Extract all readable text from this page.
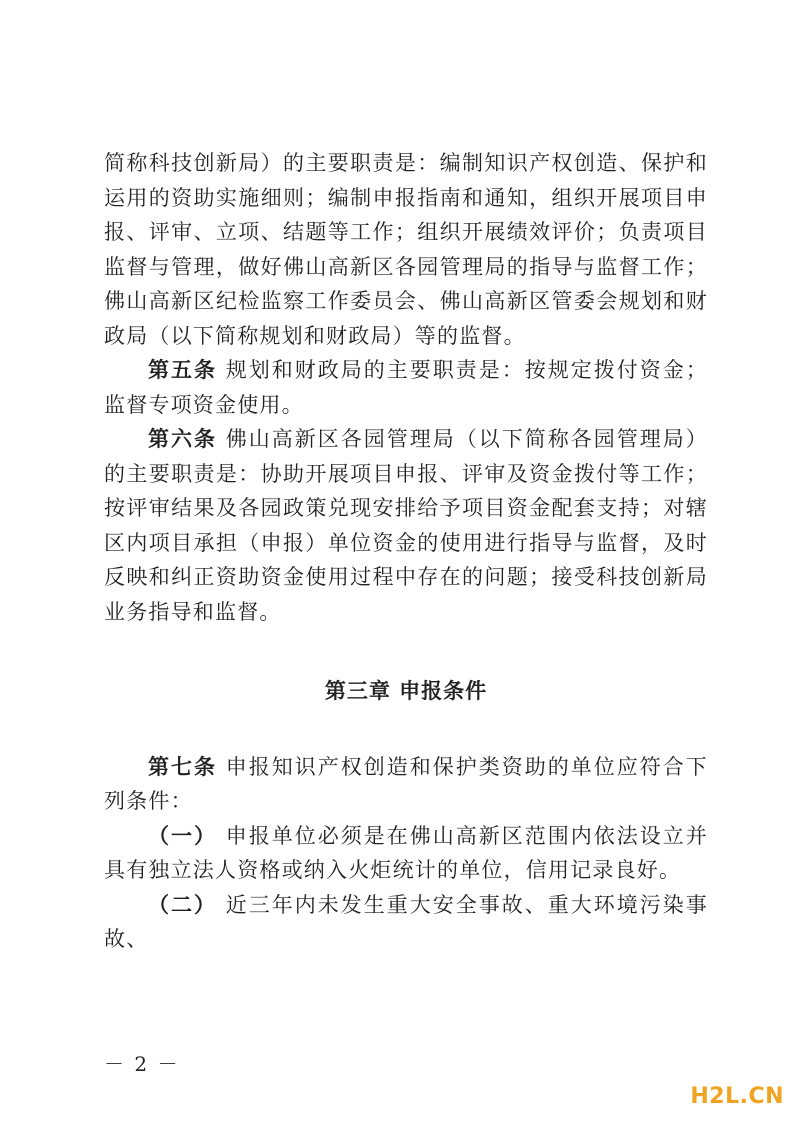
简称科技创新局）的主要职责是：编制知识产权创造、保护和运用的资助实施细则；编制申报指南和通知，组织开展项目申报、评审、立项、结题等工作；组织开展绩效评价；负责项目监督与管理，做好佛山高新区各园管理局的指导与监督工作；佛山高新区纪检监察工作委员会、佛山高新区管委会规划和财政局（以下简称规划和财政局）等的监督。

第五条 规划和财政局的主要职责是：按规定拨付资金；监督专项资金使用。

第六条 佛山高新区各园管理局（以下简称各园管理局）的主要职责是：协助开展项目申报、评审及资金拨付等工作；按评审结果及各园政策兑现安排给予项目资金配套支持；对辖区内项目承担（申报）单位资金的使用进行指导与监督，及时反映和纠正资助资金使用过程中存在的问题；接受科技创新局业务指导和监督。

第三章 申报条件

第七条 申报知识产权创造和保护类资助的单位应符合下列条件：

（一） 申报单位必须是在佛山高新区范围内依法设立并具有独立法人资格或纳入火炬统计的单位，信用记录良好。

（二） 近三年内未发生重大安全事故、重大环境污染事故、

－ 2 －
H2L.CN
